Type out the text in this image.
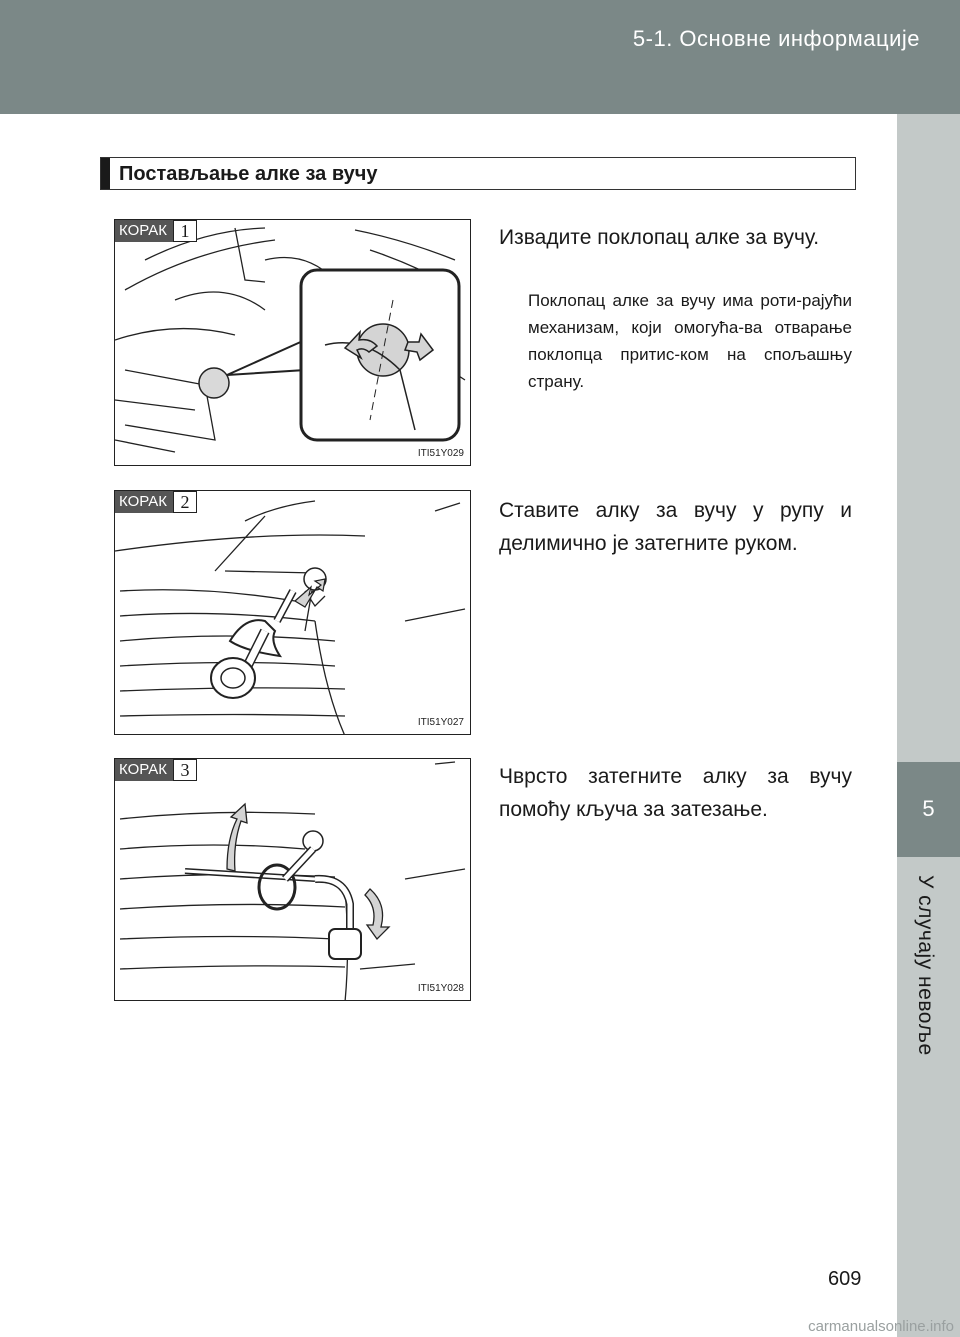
5-1. Основне информације
5
У случају невоље
Постављање алке за вучу
КОРАК 1
ITI51Y029
Извадите поклопац алке за вучу.
Поклопац алке за вучу има роти-рајући механизам, који омогућа-ва отварање поклопца притис-ком на спољашњу страну.
КОРАК 2
ITI51Y027
Ставите алку за вучу у рупу и делимично је затегните руком.
КОРАК 3
ITI51Y028
Чврсто затегните алку за вучу помоћу кључа за затезање.
609
carmanualsonline.info
